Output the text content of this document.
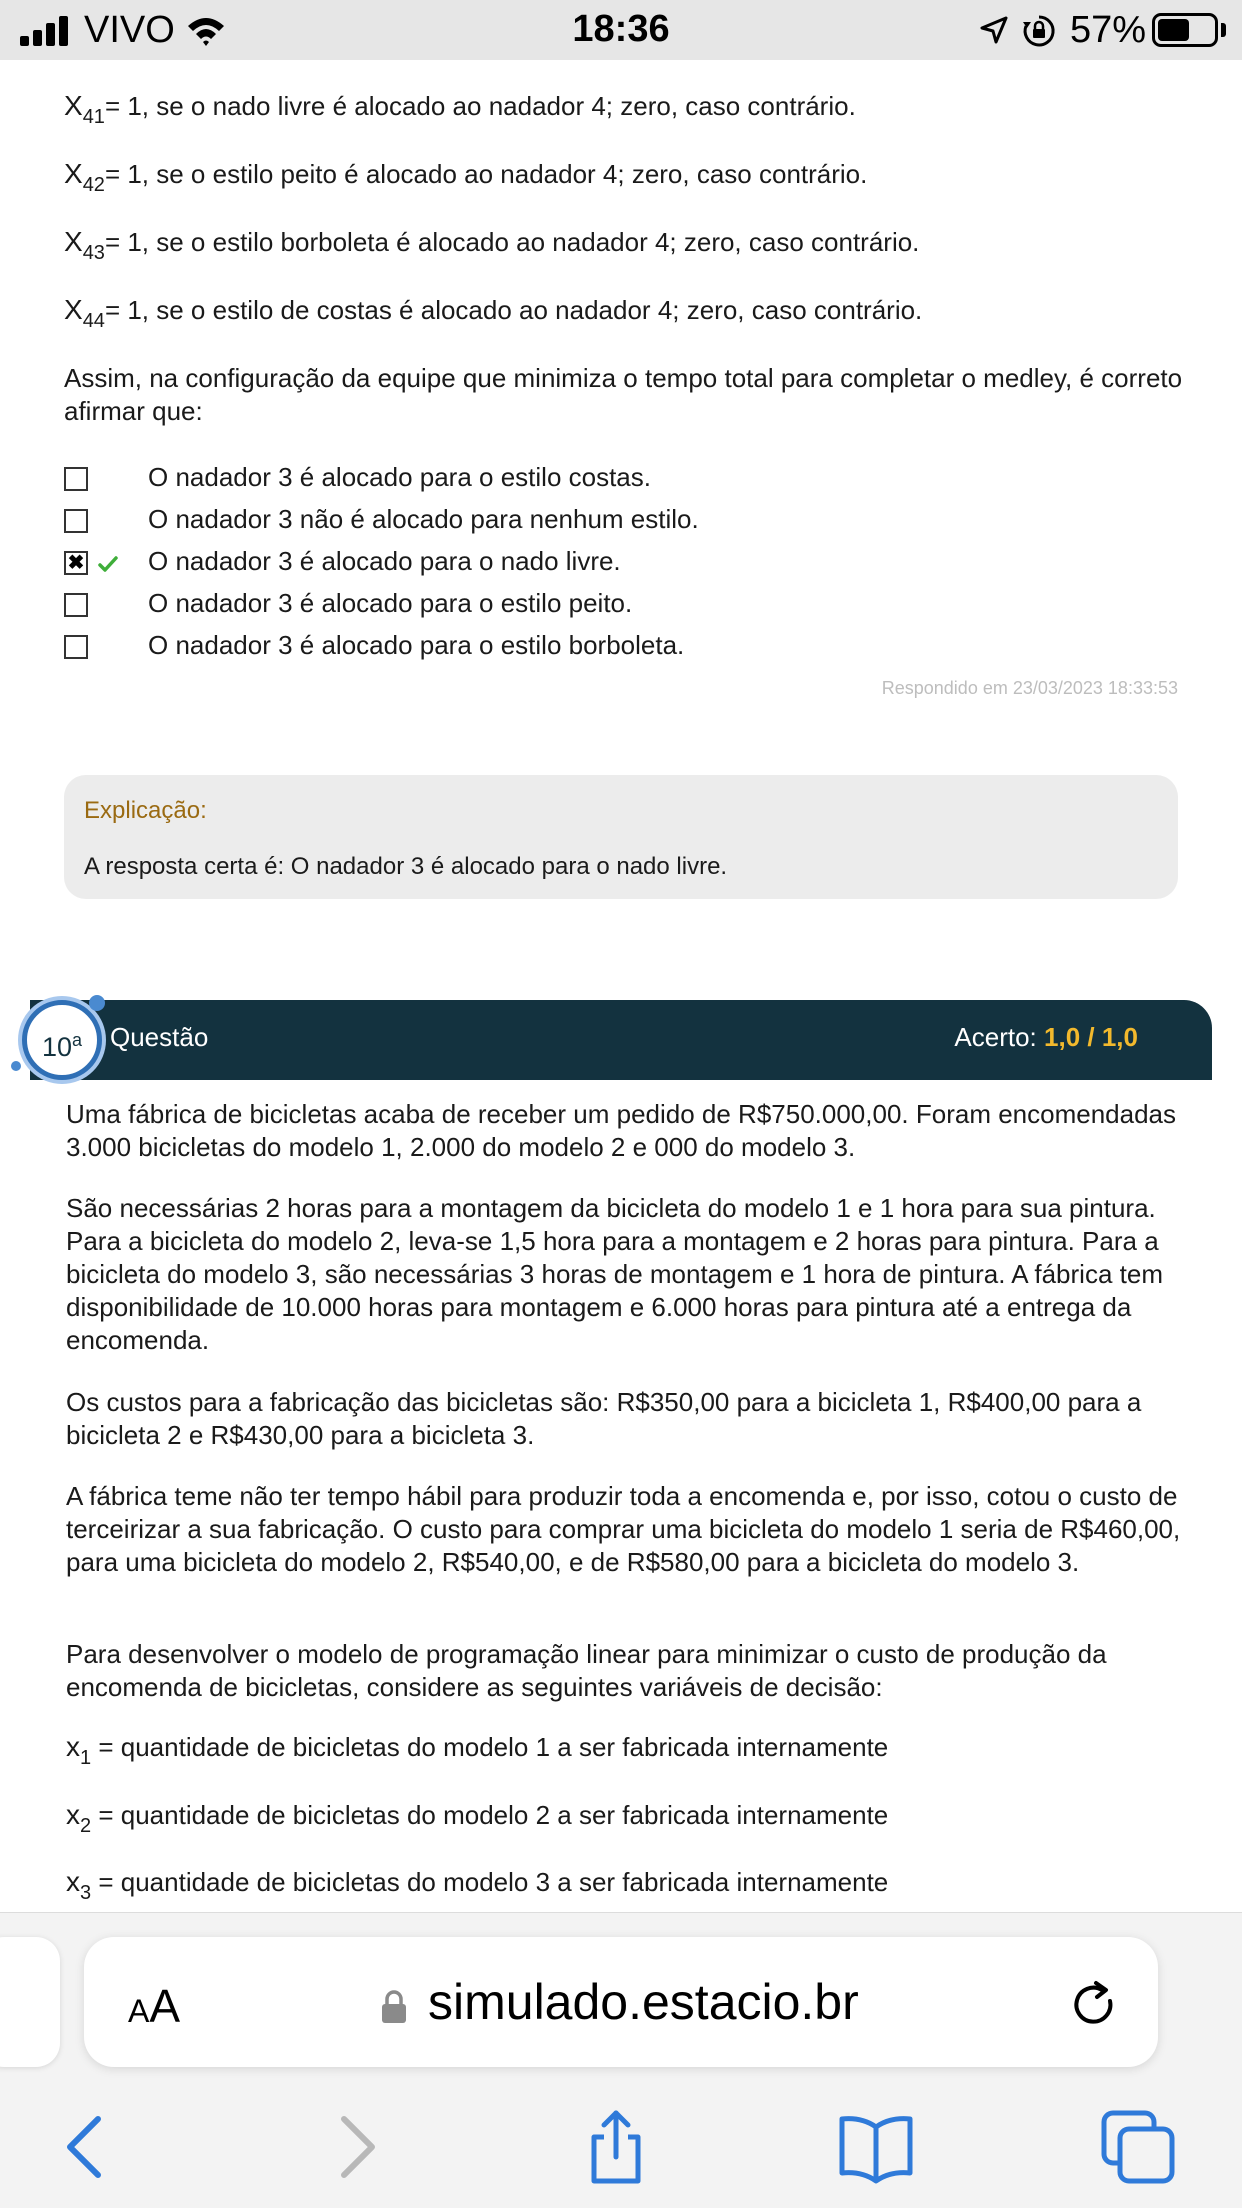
VIVO	18:36	57%
$X_{41}= 1$, se o nado livre é alocado ao nadador 4; zero, caso contrário.
$X_{42}= 1$, se o estilo peito é alocado ao nadador 4; zero, caso contrário.
$X_{43}= 1$, se o estilo borboleta é alocado ao nadador 4; zero, caso contrário.
$X_{44}= 1$, se o estilo de costas é alocado ao nadador 4; zero, caso contrário.
Assim, na configuração da equipe que minimiza o tempo total para completar o medley, é correto afirmar que:
O nadador 3 é alocado para o estilo costas.
O nadador 3 não é alocado para nenhum estilo.
✖ O nadador 3 é alocado para o nado livre.
O nadador 3 é alocado para o estilo peito.
O nadador 3 é alocado para o estilo borboleta.
Respondido em 23/03/2023 18:33:53
Explicação:
A resposta certa é: O nadador 3 é alocado para o nado livre.
Questão	Acerto: 1,0 / 1,0
10$^a$
Uma fábrica de bicicletas acaba de receber um pedido de R$750.000,00. Foram encomendadas 3.000 bicicletas do modelo 1, 2.000 do modelo 2 e 000 do modelo 3.
São necessárias 2 horas para a montagem da bicicleta do modelo 1 e 1 hora para sua pintura. Para a bicicleta do modelo 2, leva-se 1,5 hora para a montagem e 2 horas para pintura. Para a bicicleta do modelo 3, são necessárias 3 horas de montagem e 1 hora de pintura. A fábrica tem disponibilidade de 10.000 horas para montagem e 6.000 horas para pintura até a entrega da encomenda.
Os custos para a fabricação das bicicletas são: R$350,00 para a bicicleta 1, R$400,00 para a bicicleta 2 e R$430,00 para a bicicleta 3.
A fábrica teme não ter tempo hábil para produzir toda a encomenda e, por isso, cotou o custo de terceirizar a sua fabricação. O custo para comprar uma bicicleta do modelo 1 seria de R$460,00, para uma bicicleta do modelo 2, R$540,00, e de R$580,00 para a bicicleta do modelo 3.
Para desenvolver o modelo de programação linear para minimizar o custo de produção da encomenda de bicicletas, considere as seguintes variáveis de decisão:
$x_1$ = quantidade de bicicletas do modelo 1 a ser fabricada internamente
$x_2$ = quantidade de bicicletas do modelo 2 a ser fabricada internamente
$x_3$ = quantidade de bicicletas do modelo 3 a ser fabricada internamente
AA	simulado.estacio.br
